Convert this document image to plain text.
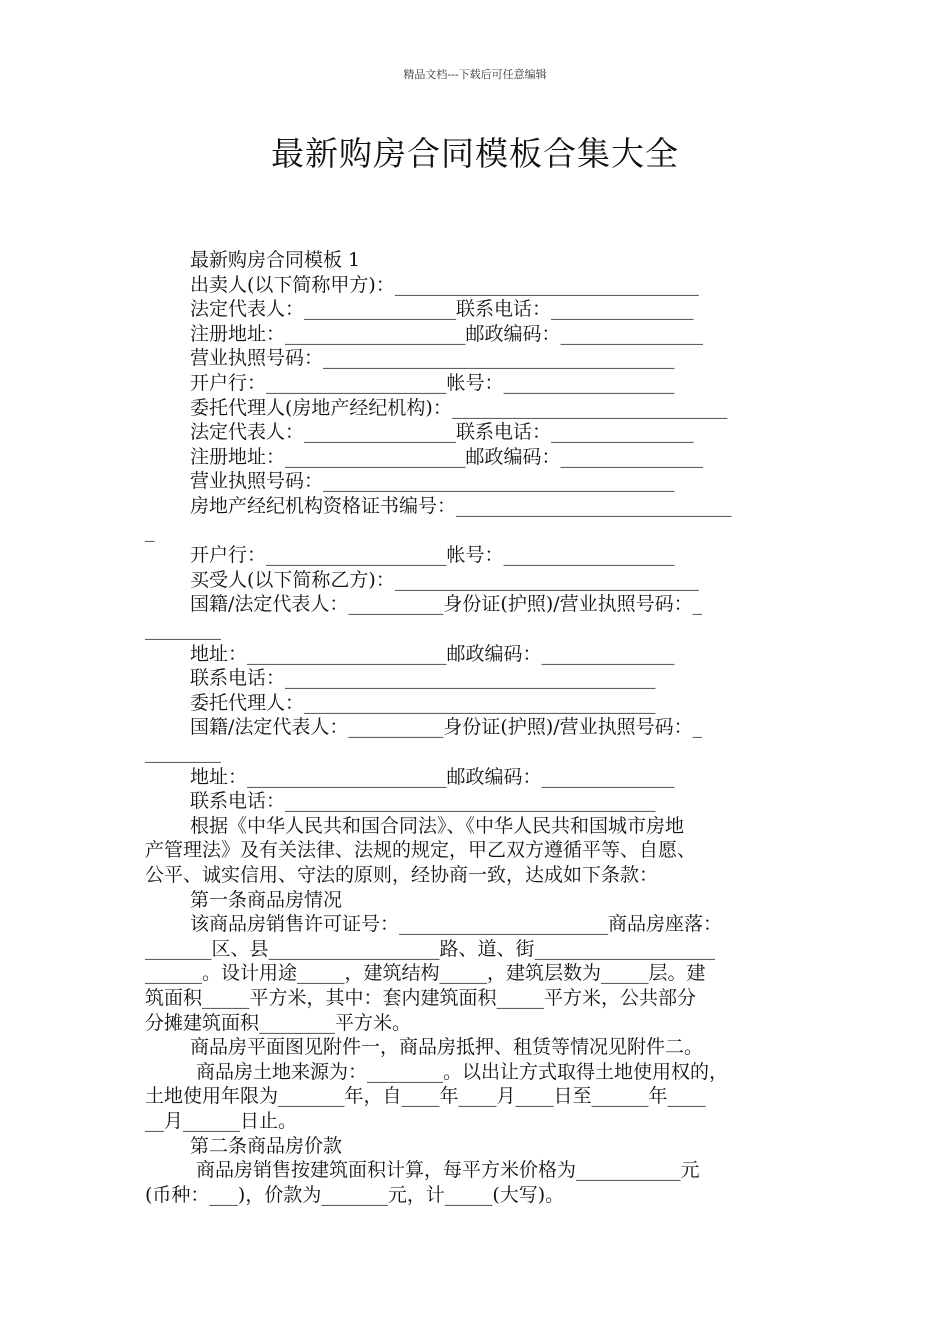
精品文档---下载后可任意编辑
最新购房合同模板合集大全
最新购房合同模板 1
出卖人(以下简称甲方)：________________________________
法定代表人：________________联系电话：_______________
注册地址：___________________邮政编码：_______________
营业执照号码：_____________________________________
开户行：___________________帐号：__________________
委托代理人(房地产经纪机构)：_____________________________
法定代表人：________________联系电话：_______________
注册地址：___________________邮政编码：_______________
营业执照号码：_____________________________________
房地产经纪机构资格证书编号：_____________________________
_
开户行：___________________帐号：__________________
买受人(以下简称乙方)：________________________________
国籍/法定代表人：__________身份证(护照)/营业执照号码：_
________
地址：_____________________邮政编码：______________
联系电话：_______________________________________
委托代理人：_____________________________________
国籍/法定代表人：__________身份证(护照)/营业执照号码：_
________
地址：_____________________邮政编码：______________
联系电话：_______________________________________
根据《中华人民共和国合同法》、《中华人民共和国城市房地
产管理法》及有关法律、法规的规定，甲乙双方遵循平等、自愿、
公平、诚实信用、守法的原则，经协商一致，达成如下条款：
第一条商品房情况
该商品房销售许可证号：______________________商品房座落：
_______区、县__________________路、道、街___________________
______。设计用途_____，建筑结构_____，建筑层数为_____层。建
筑面积_____平方米，其中：套内建筑面积_____平方米，公共部分
分摊建筑面积________平方米。
商品房平面图见附件一，商品房抵押、租赁等情况见附件二。
商品房土地来源为：________。以出让方式取得土地使用权的，
土地使用年限为_______年，自____年____月____日至______年____
__月______日止。
第二条商品房价款
商品房销售按建筑面积计算，每平方米价格为___________元
(币种：___)，价款为_______元，计_____(大写)。
